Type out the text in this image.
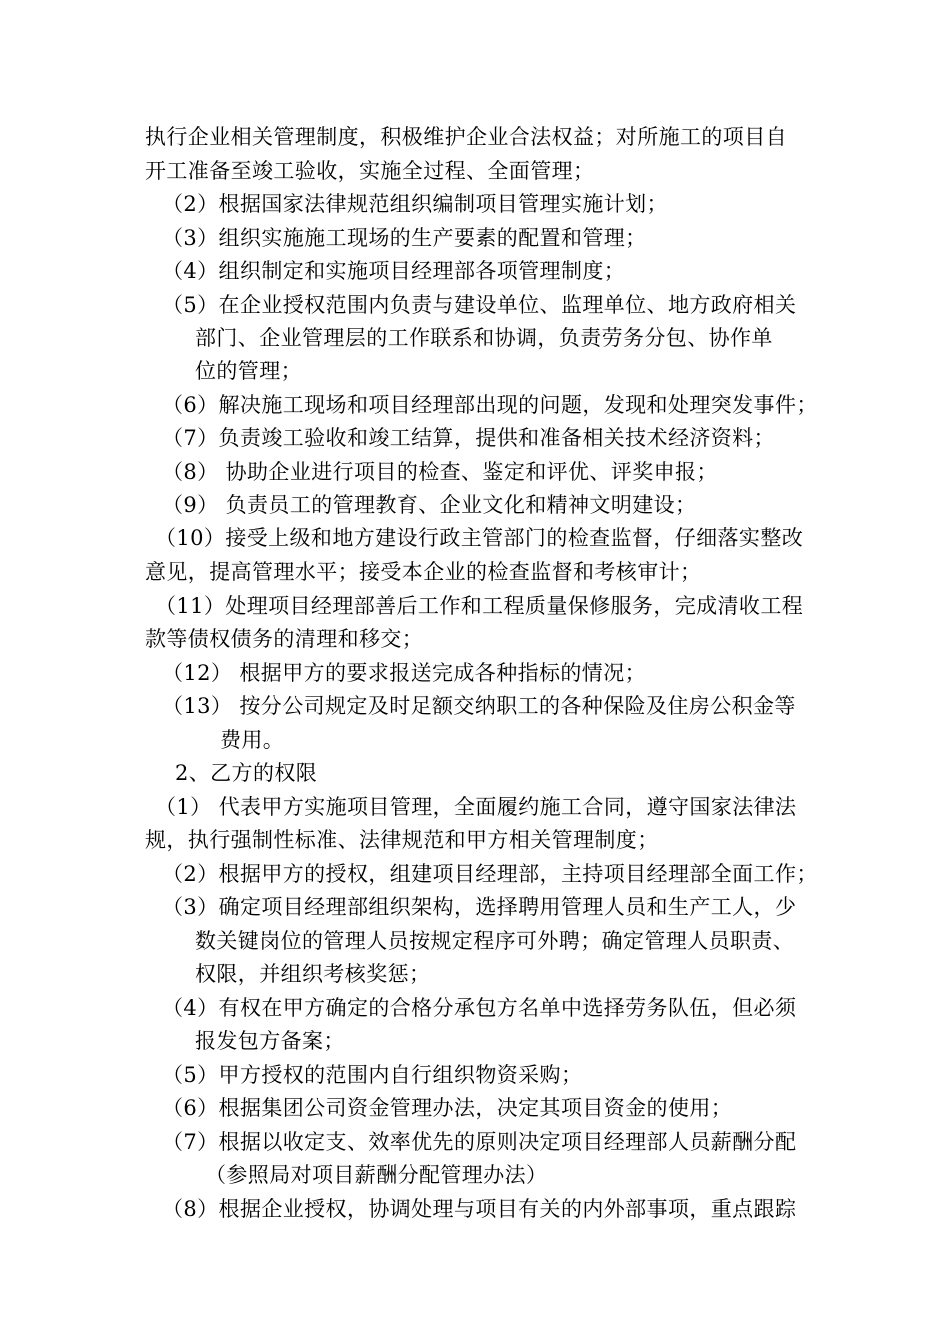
执行企业相关管理制度，积极维护企业合法权益；对所施工的项目自
开工准备至竣工验收，实施全过程、全面管理；
（2）根据国家法律规范组织编制项目管理实施计划；
（3）组织实施施工现场的生产要素的配置和管理；
（4）组织制定和实施项目经理部各项管理制度；
（5）在企业授权范围内负责与建设单位、监理单位、地方政府相关
部门、企业管理层的工作联系和协调，负责劳务分包、协作单
位的管理；
（6）解决施工现场和项目经理部出现的问题，发现和处理突发事件；
（7）负责竣工验收和竣工结算，提供和准备相关技术经济资料；
（8） 协助企业进行项目的检查、鉴定和评优、评奖申报；
（9） 负责员工的管理教育、企业文化和精神文明建设；
（10）接受上级和地方建设行政主管部门的检查监督，仔细落实整改
意见，提高管理水平；接受本企业的检查监督和考核审计；
（11）处理项目经理部善后工作和工程质量保修服务，完成清收工程
款等债权债务的清理和移交；
（12） 根据甲方的要求报送完成各种指标的情况；
（13） 按分公司规定及时足额交纳职工的各种保险及住房公积金等
费用。
2、乙方的权限
（1） 代表甲方实施项目管理，全面履约施工合同，遵守国家法律法
规，执行强制性标准、法律规范和甲方相关管理制度；
（2）根据甲方的授权，组建项目经理部，主持项目经理部全面工作；
（3）确定项目经理部组织架构，选择聘用管理人员和生产工人，少
数关键岗位的管理人员按规定程序可外聘；确定管理人员职责、
权限，并组织考核奖惩；
（4）有权在甲方确定的合格分承包方名单中选择劳务队伍，但必须
报发包方备案；
（5）甲方授权的范围内自行组织物资采购；
（6）根据集团公司资金管理办法，决定其项目资金的使用；
（7）根据以收定支、效率优先的原则决定项目经理部人员薪酬分配
（参照局对项目薪酬分配管理办法）
（8）根据企业授权，协调处理与项目有关的内外部事项，重点跟踪
